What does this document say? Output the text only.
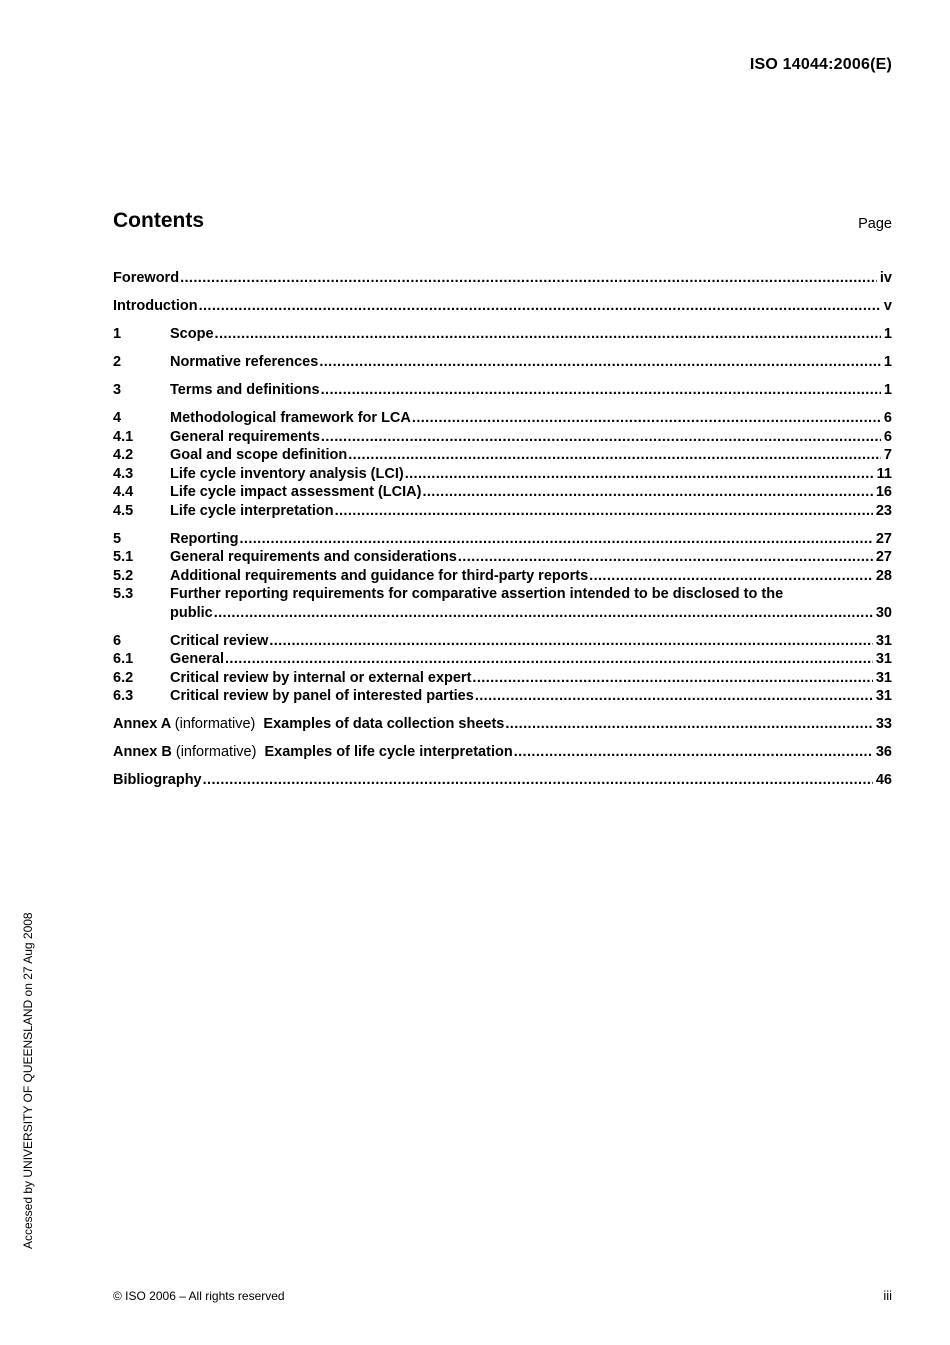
ISO 14044:2006(E)
Contents	Page
Foreword .....	iv
Introduction .....	v
1	Scope .....	1
2	Normative references .....	1
3	Terms and definitions .....	1
4	Methodological framework for LCA .....	6
4.1	General requirements .....	6
4.2	Goal and scope definition .....	7
4.3	Life cycle inventory analysis (LCI) .....	11
4.4	Life cycle impact assessment (LCIA) .....	16
4.5	Life cycle interpretation .....	23
5	Reporting .....	27
5.1	General requirements and considerations .....	27
5.2	Additional requirements and guidance for third-party reports .....	28
5.3	Further reporting requirements for comparative assertion intended to be disclosed to the
public .....	30
6	Critical review .....	31
6.1	General .....	31
6.2	Critical review by internal or external expert .....	31
6.3	Critical review by panel of interested parties .....	31
Annex A (informative) Examples of data collection sheets .....	33
Annex B (informative) Examples of life cycle interpretation .....	36
Bibliography .....	46
Accessed by UNIVERSITY OF QUEENSLAND on 27 Aug 2008
© ISO 2006 – All rights reserved	iii
